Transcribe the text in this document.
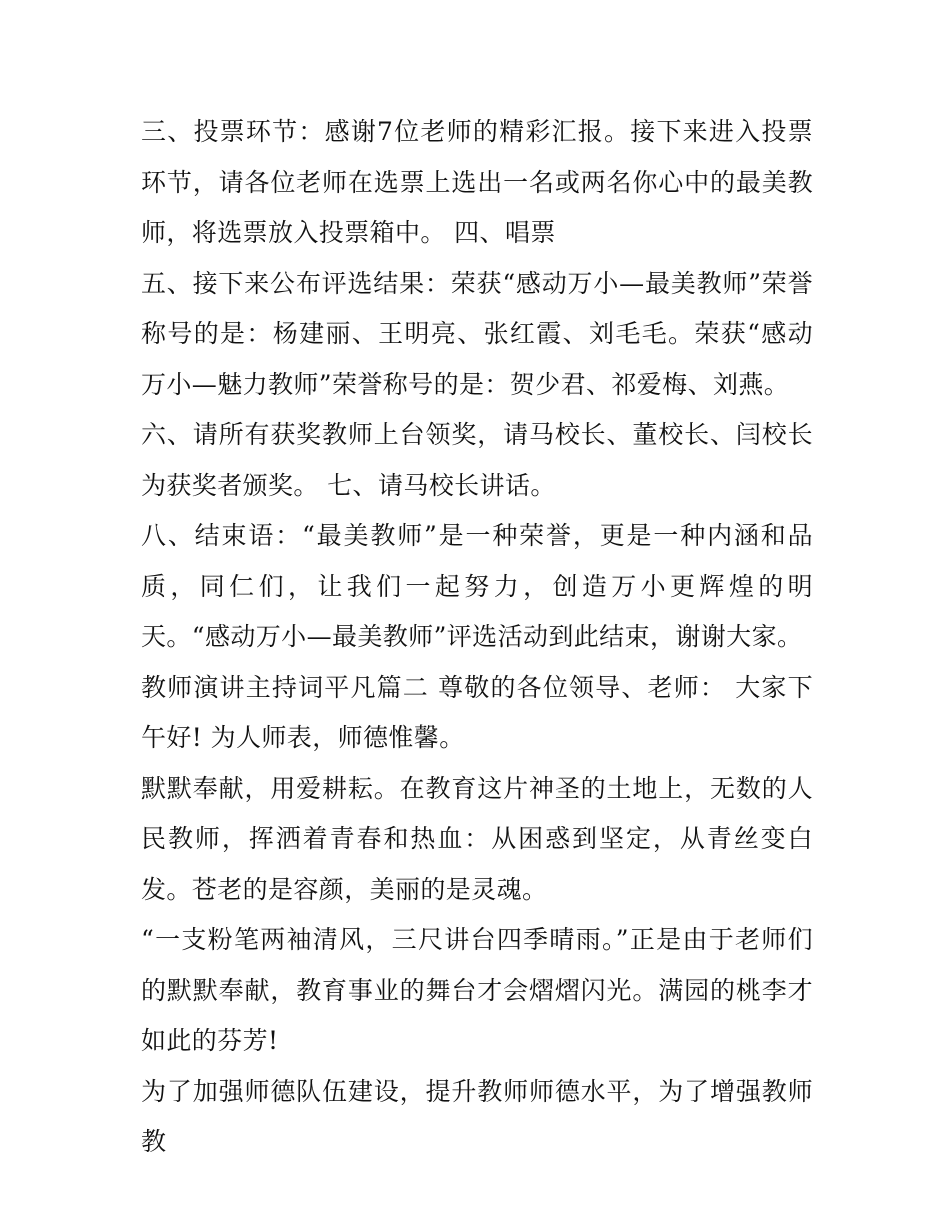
三、投票环节：感谢7位老师的精彩汇报。接下来进入投票环节，请各位老师在选票上选出一名或两名你心中的最美教师，将选票放入投票箱中。 四、唱票

五、接下来公布评选结果：荣获“感动万小—最美教师”荣誉称号的是：杨建丽、王明亮、张红霞、刘毛毛。荣获“感动万小—魅力教师”荣誉称号的是：贺少君、祁爱梅、刘燕。

六、请所有获奖教师上台领奖，请马校长、董校长、闫校长为获奖者颁奖。 七、请马校长讲话。

八、结束语：“最美教师”是一种荣誉，更是一种内涵和品质，同仁们，让我们一起努力，创造万小更辉煌的明天。“感动万小—最美教师”评选活动到此结束，谢谢大家。

教师演讲主持词平凡篇二 尊敬的各位领导、老师： 大家下午好! 为人师表，师德惟馨。

默默奉献，用爱耕耘。在教育这片神圣的土地上，无数的人民教师，挥洒着青春和热血：从困惑到坚定，从青丝变白发。苍老的是容颜，美丽的是灵魂。

“一支粉笔两袖清风，三尺讲台四季晴雨。”正是由于老师们的默默奉献，教育事业的舞台才会熠熠闪光。满园的桃李才如此的芬芳!

为了加强师德队伍建设，提升教师师德水平，为了增强教师教
